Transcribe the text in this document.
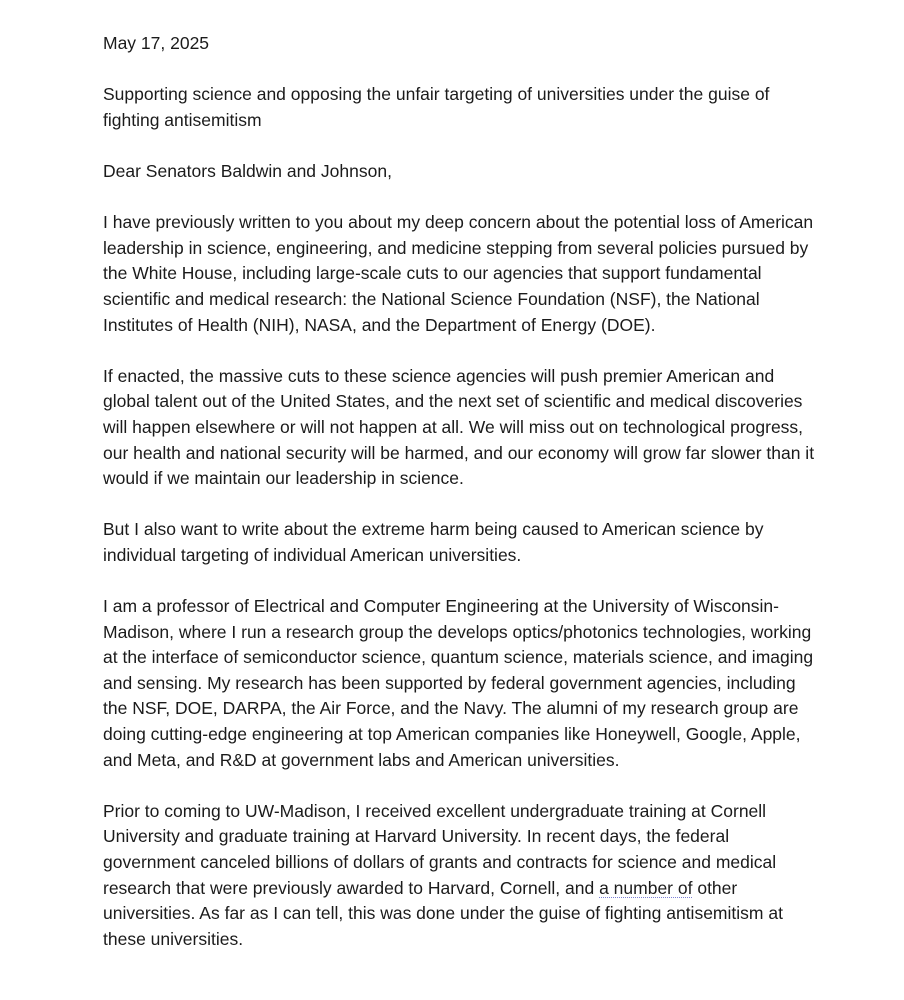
May 17, 2025

Supporting science and opposing the unfair targeting of universities under the guise of fighting antisemitism

Dear Senators Baldwin and Johnson,

I have previously written to you about my deep concern about the potential loss of American leadership in science, engineering, and medicine stepping from several policies pursued by the White House, including large-scale cuts to our agencies that support fundamental scientific and medical research: the National Science Foundation (NSF), the National Institutes of Health (NIH), NASA, and the Department of Energy (DOE).

If enacted, the massive cuts to these science agencies will push premier American and global talent out of the United States, and the next set of scientific and medical discoveries will happen elsewhere or will not happen at all. We will miss out on technological progress, our health and national security will be harmed, and our economy will grow far slower than it would if we maintain our leadership in science.

But I also want to write about the extreme harm being caused to American science by individual targeting of individual American universities.

I am a professor of Electrical and Computer Engineering at the University of Wisconsin-Madison, where I run a research group the develops optics/photonics technologies, working at the interface of semiconductor science, quantum science, materials science, and imaging and sensing. My research has been supported by federal government agencies, including the NSF, DOE, DARPA, the Air Force, and the Navy. The alumni of my research group are doing cutting-edge engineering at top American companies like Honeywell, Google, Apple, and Meta, and R&D at government labs and American universities.

Prior to coming to UW-Madison, I received excellent undergraduate training at Cornell University and graduate training at Harvard University. In recent days, the federal government canceled billions of dollars of grants and contracts for science and medical research that were previously awarded to Harvard, Cornell, and a number of other universities. As far as I can tell, this was done under the guise of fighting antisemitism at these universities.
